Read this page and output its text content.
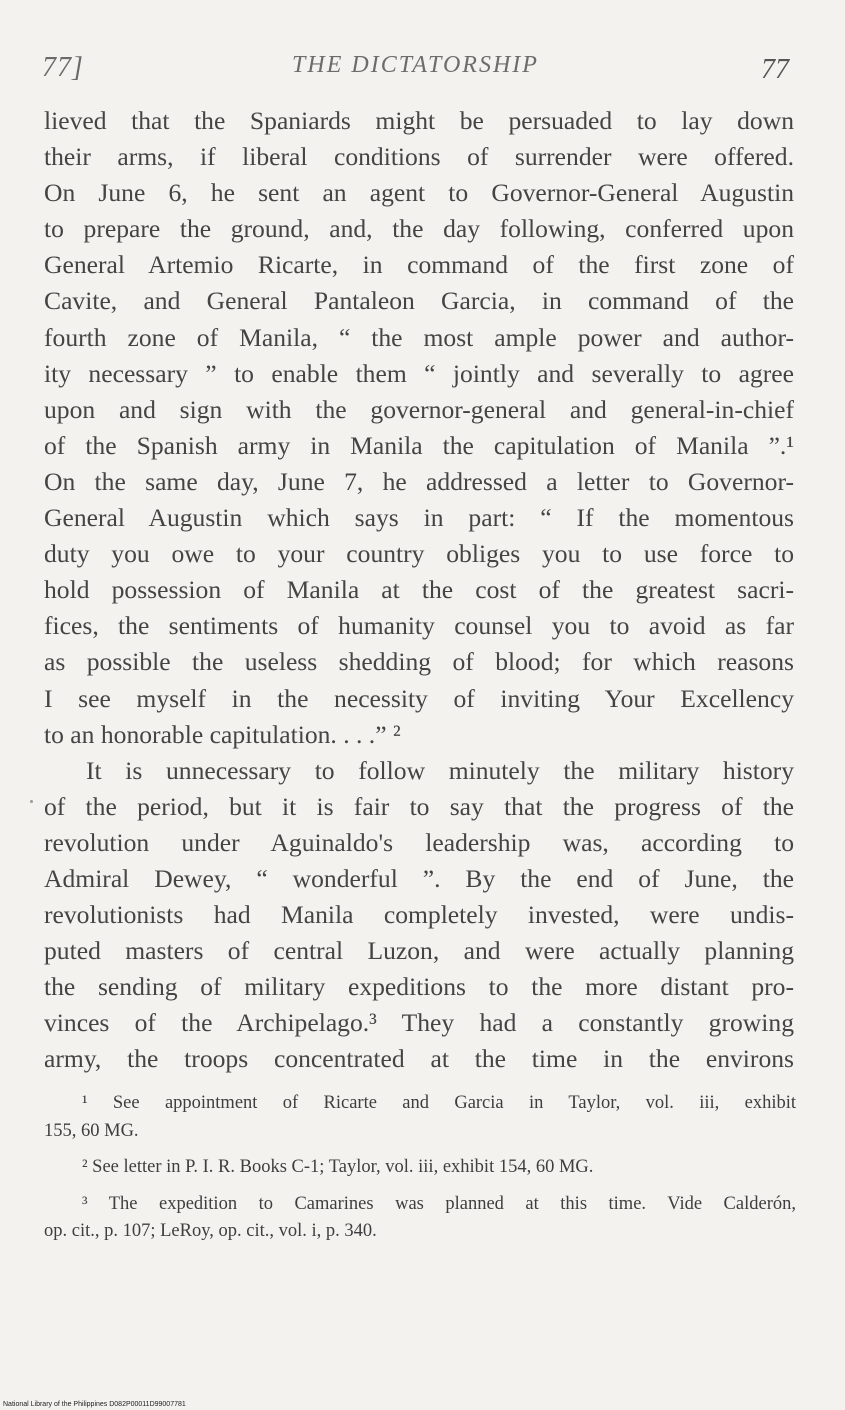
77]	THE DICTATORSHIP	77
lieved that the Spaniards might be persuaded to lay down
their arms, if liberal conditions of surrender were offered.
On June 6, he sent an agent to Governor-General Augustin
to prepare the ground, and, the day following, conferred upon
General Artemio Ricarte, in command of the first zone of
Cavite, and General Pantaleon Garcia, in command of the
fourth zone of Manila, “ the most ample power and author-
ity necessary ” to enable them “ jointly and severally to agree
upon and sign with the governor-general and general-in-chief
of the Spanish army in Manila the capitulation of Manila ”.¹
On the same day, June 7, he addressed a letter to Governor-
General Augustin which says in part: “ If the momentous
duty you owe to your country obliges you to use force to
hold possession of Manila at the cost of the greatest sacri-
fices, the sentiments of humanity counsel you to avoid as far
as possible the useless shedding of blood; for which reasons
I see myself in the necessity of inviting Your Excellency
to an honorable capitulation. . . .” ²
It is unnecessary to follow minutely the military history
of the period, but it is fair to say that the progress of the
revolution under Aguinaldo's leadership was, according to
Admiral Dewey, “ wonderful ”. By the end of June, the
revolutionists had Manila completely invested, were undis-
puted masters of central Luzon, and were actually planning
the sending of military expeditions to the more distant pro-
vinces of the Archipelago.³ They had a constantly growing
army, the troops concentrated at the time in the environs
¹ See appointment of Ricarte and Garcia in Taylor, vol. iii, exhibit
155, 60 MG.
² See letter in P. I. R. Books C-1; Taylor, vol. iii, exhibit 154, 60 MG.
³ The expedition to Camarines was planned at this time. Vide Calderón,
op. cit., p. 107; LeRoy, op. cit., vol. i, p. 340.
National Library of the Philippines D082P00011D99007781
